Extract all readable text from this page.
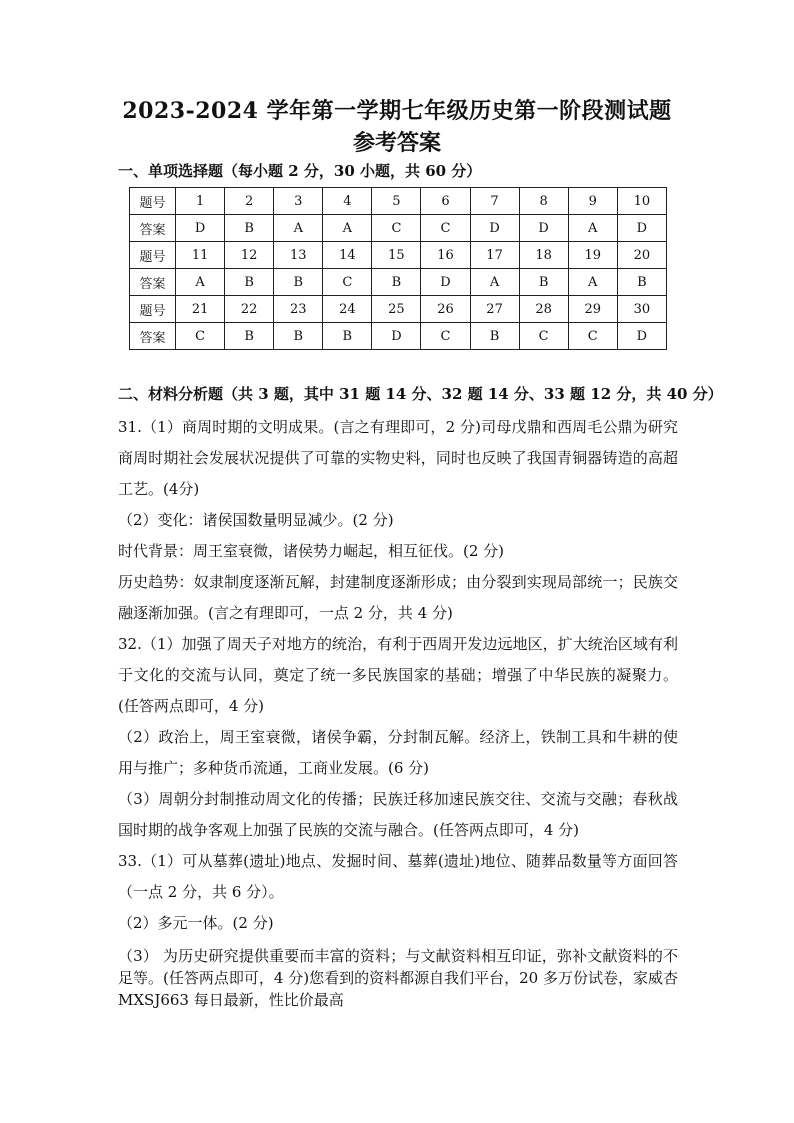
2023-2024 学年第一学期七年级历史第一阶段测试题
参考答案
一、单项选择题（每小题 2 分，30 小题，共 60 分）
题号	1	2	3	4	5	6	7	8	9	10
答案	D	B	A	A	C	C	D	D	A	D
题号	11	12	13	14	15	16	17	18	19	20
答案	A	B	B	C	B	D	A	B	A	B
题号	21	22	23	24	25	26	27	28	29	30
答案	C	B	B	B	D	C	B	C	C	D
二、材料分析题（共 3 题，其中 31 题 14 分、32 题 14 分、33 题 12 分，共 40 分）

31.（1）商周时期的文明成果。(言之有理即可，2 分)司母戊鼎和西周毛公鼎为研究商周时期社会发展状况提供了可靠的实物史料，同时也反映了我国青铜器铸造的高超工艺。(4分)

（2）变化：诸侯国数量明显减少。(2 分)

时代背景：周王室衰微，诸侯势力崛起，相互征伐。(2 分)

历史趋势：奴隶制度逐渐瓦解，封建制度逐渐形成；由分裂到实现局部统一；民族交融逐渐加强。(言之有理即可，一点 2 分，共 4 分)

32.（1）加强了周天子对地方的统治，有利于西周开发边远地区，扩大统治区域有利于文化的交流与认同，奠定了统一多民族国家的基础；增强了中华民族的凝聚力。(任答两点即可，4 分)

（2）政治上，周王室衰微，诸侯争霸，分封制瓦解。经济上，铁制工具和牛耕的使用与推广；多种货币流通，工商业发展。(6 分)

（3）周朝分封制推动周文化的传播；民族迁移加速民族交往、交流与交融；春秋战国时期的战争客观上加强了民族的交流与融合。(任答两点即可，4 分)

33.（1）可从墓葬(遗址)地点、发掘时间、墓葬(遗址)地位、随葬品数量等方面回答（一点 2 分，共 6 分）。

（2）多元一体。(2 分)

（3） 为历史研究提供重要而丰富的资料；与文献资料相互印证，弥补文献资料的不足等。(任答两点即可，4 分)您看到的资料都源自我们平台，20 多万份试卷，家威杏 MXSJ663 每日最新，性比价最高
